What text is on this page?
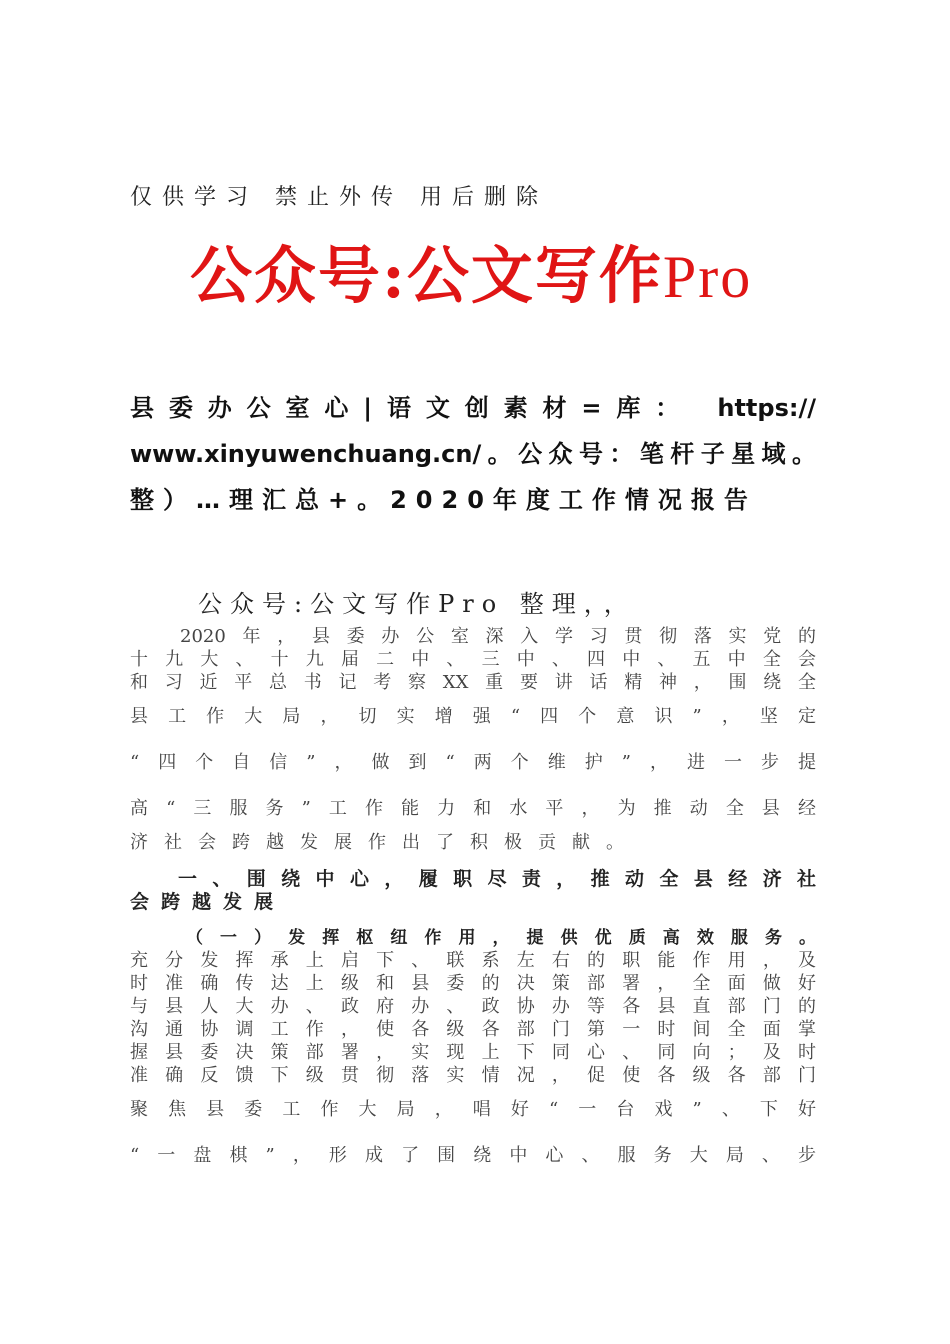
仅供学习 禁止外传 用后删除
公众号:公文写作Pro
县委办公室心|语文创素材=库： https://
www.xinyuwenchuang.cn/。公众号：笔杆子星域。
整）…理汇总+。2020年度工作情况报告
公众号:公文写作Pro 整理，，
2020年，县委办公室深入学习贯彻落实党的
十九大、十九届二中、三中、四中、五中全会
和习近平总书记考察XX重要讲话精神，围绕全
县工作大局，切实增强“四个意识”，坚定
“四个自信”，做到“两个维护”，进一步提
高“三服务”工作能力和水平，为推动全县经
济社会跨越发展作出了积极贡献。
一、围绕中心，履职尽责，推动全县经济社
会跨越发展
（一）发挥枢纽作用，提供优质高效服务。
充分发挥承上启下、联系左右的职能作用，及
时准确传达上级和县委的决策部署，全面做好
与县人大办、政府办、政协办等各县直部门的
沟通协调工作，使各级各部门第一时间全面掌
握县委决策部署，实现上下同心、同向；及时
准确反馈下级贯彻落实情况，促使各级各部门
聚焦县委工作大局，唱好“一台戏”、下好
“一盘棋”，形成了围绕中心、服务大局、步
